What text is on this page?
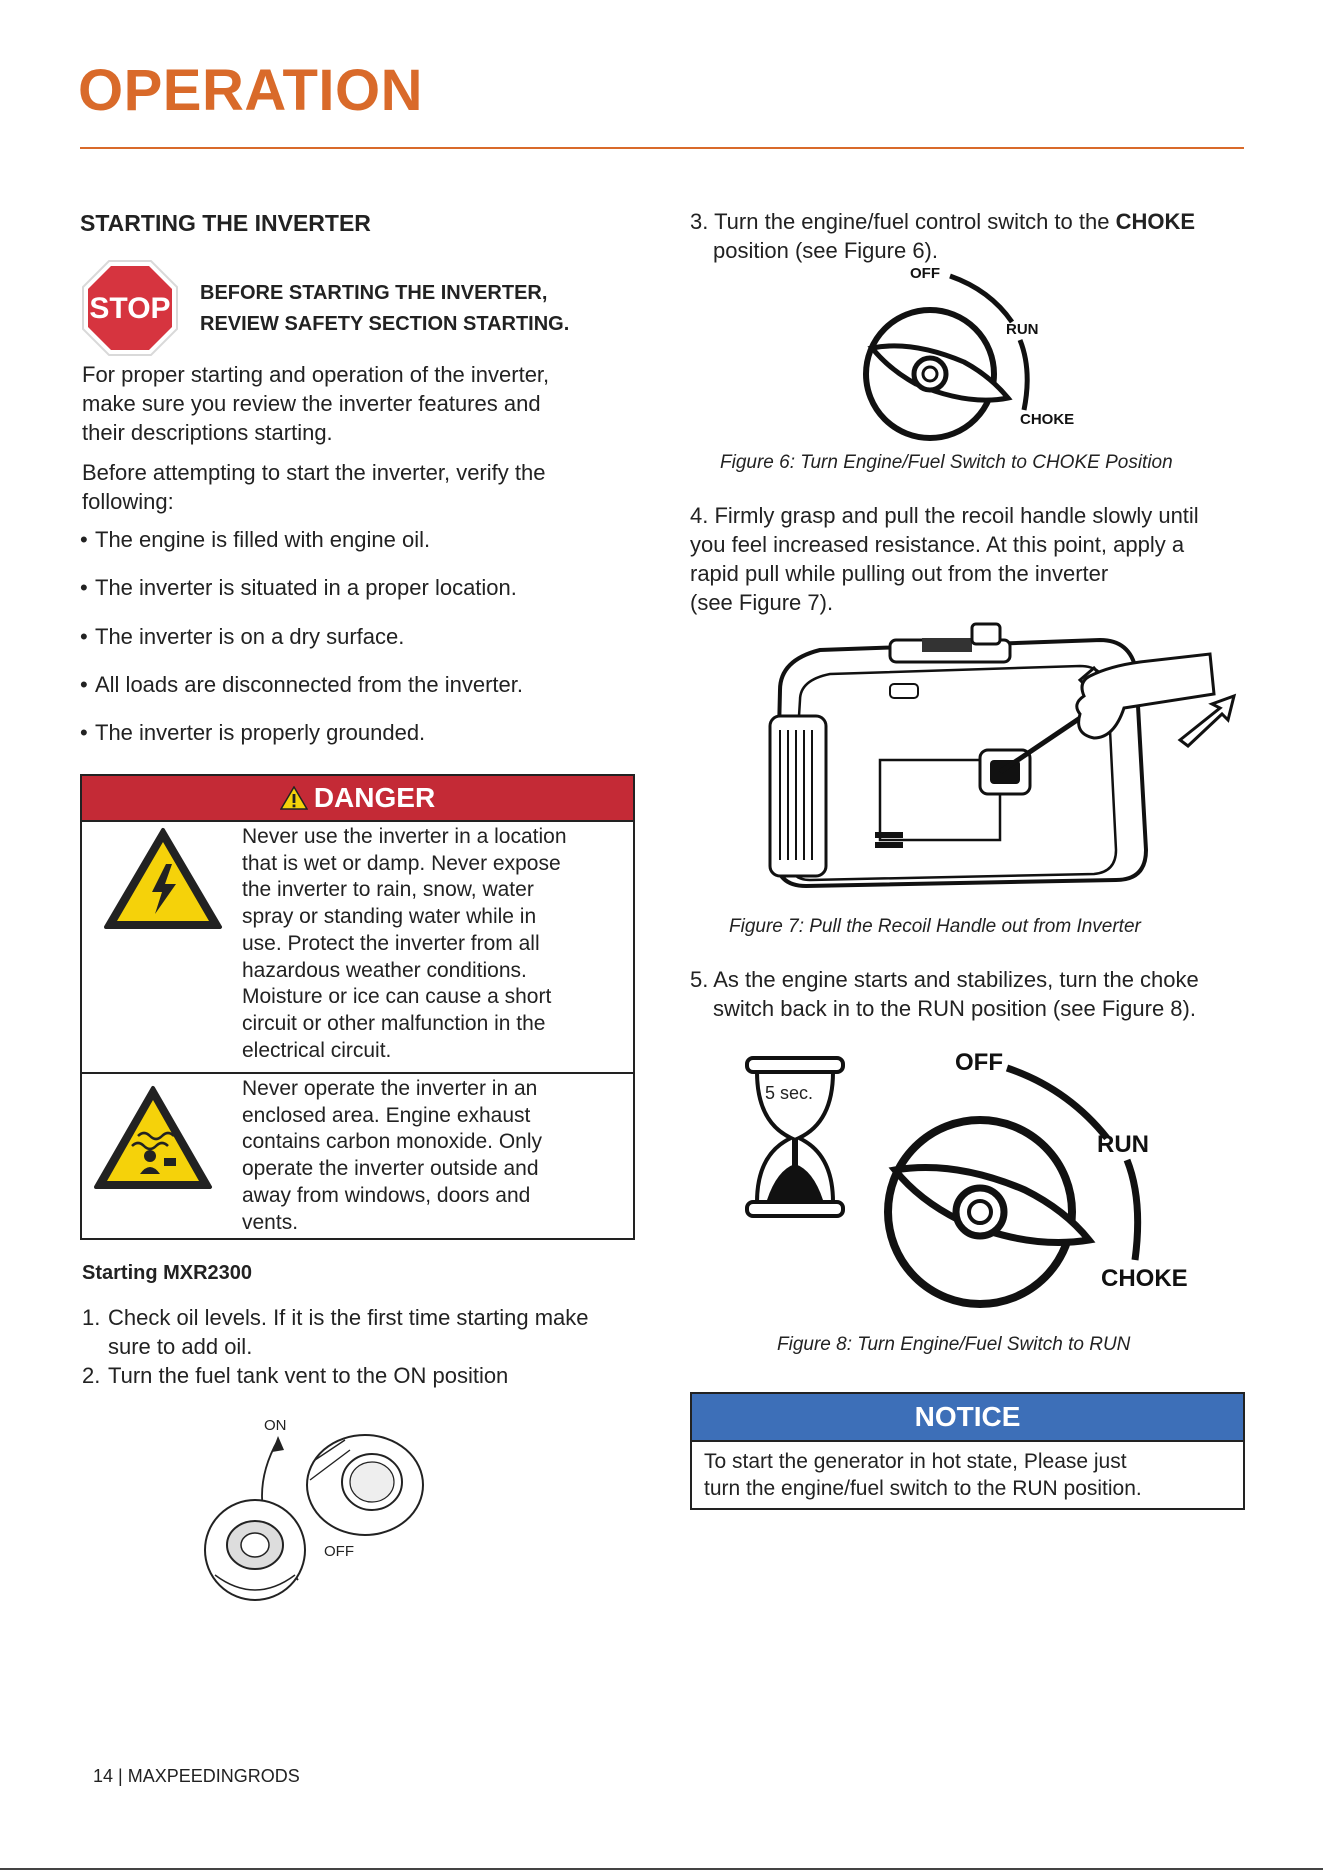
OPERATION
STARTING THE INVERTER
STOP BEFORE STARTING THE INVERTER,
REVIEW SAFETY SECTION STARTING.
For proper starting and operation of the inverter,
make sure you review the inverter features and
their descriptions starting.
Before attempting to start the inverter, verify the
following:
• The engine is filled with engine oil.
• The inverter is situated in a proper location.
• The inverter is on a dry surface.
• All loads are disconnected from the inverter.
• The inverter is properly grounded.
DANGER
Never use the inverter in a location
that is wet or damp. Never expose
the inverter to rain, snow, water
spray or standing water while in
use. Protect the inverter from all
hazardous weather conditions.
Moisture or ice can cause a short
circuit or other malfunction in the
electrical circuit.
Never operate the inverter in an
enclosed area. Engine exhaust
contains carbon monoxide. Only
operate the inverter outside and
away from windows, doors and
vents.
Starting MXR2300
1. Check oil levels. If it is the first time starting make
sure to add oil.
2. Turn the fuel tank vent to the ON position
ON
OFF
3. Turn the engine/fuel control switch to the CHOKE
position (see Figure 6).
OFF
RUN
CHOKE
Figure 6: Turn Engine/Fuel Switch to CHOKE Position
4. Firmly grasp and pull the recoil handle slowly until
you feel increased resistance. At this point, apply a
rapid pull while pulling out from the inverter
(see Figure 7).
Figure 7: Pull the Recoil Handle out from Inverter
5. As the engine starts and stabilizes, turn the choke
switch back in to the RUN position (see Figure 8).
5 sec.
OFF
RUN
CHOKE
Figure 8: Turn Engine/Fuel Switch to RUN
NOTICE
To start the generator in hot state, Please just
turn the engine/fuel switch to the RUN position.
14 | MAXPEEDINGRODS
